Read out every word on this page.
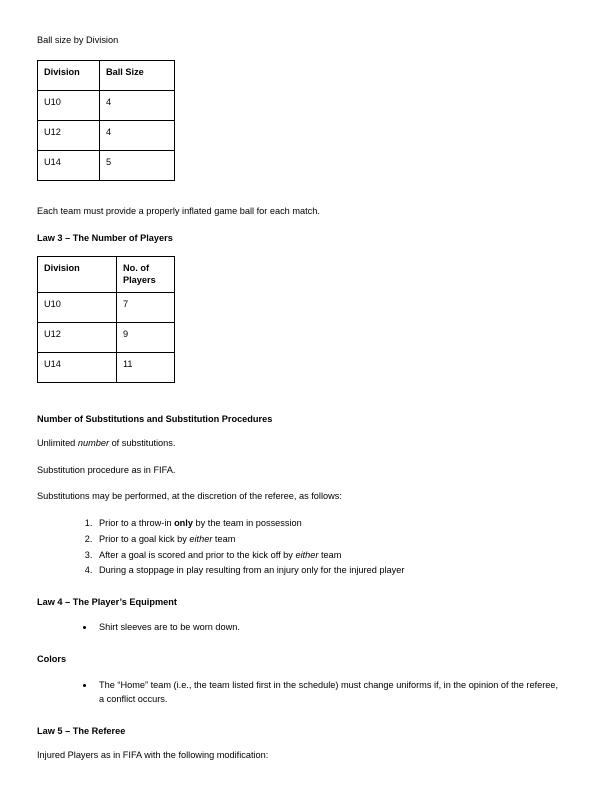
Ball size by Division

Division	Ball Size
U10	4
U12	4
U14	5

Each team must provide a properly inflated game ball for each match.

Law 3 – The Number of Players

Division	No. of Players
U10	7
U12	9
U14	11

Number of Substitutions and Substitution Procedures

Unlimited number of substitutions.

Substitution procedure as in FIFA.

Substitutions may be performed, at the discretion of the referee, as follows:

1. Prior to a throw-in only by the team in possession
2. Prior to a goal kick by either team
3. After a goal is scored and prior to the kick off by either team
4. During a stoppage in play resulting from an injury only for the injured player

Law 4 – The Player’s Equipment

• Shirt sleeves are to be worn down.

Colors

• The “Home” team (i.e., the team listed first in the schedule) must change uniforms if, in the opinion of the referee, a conflict occurs.

Law 5 – The Referee

Injured Players as in FIFA with the following modification:
